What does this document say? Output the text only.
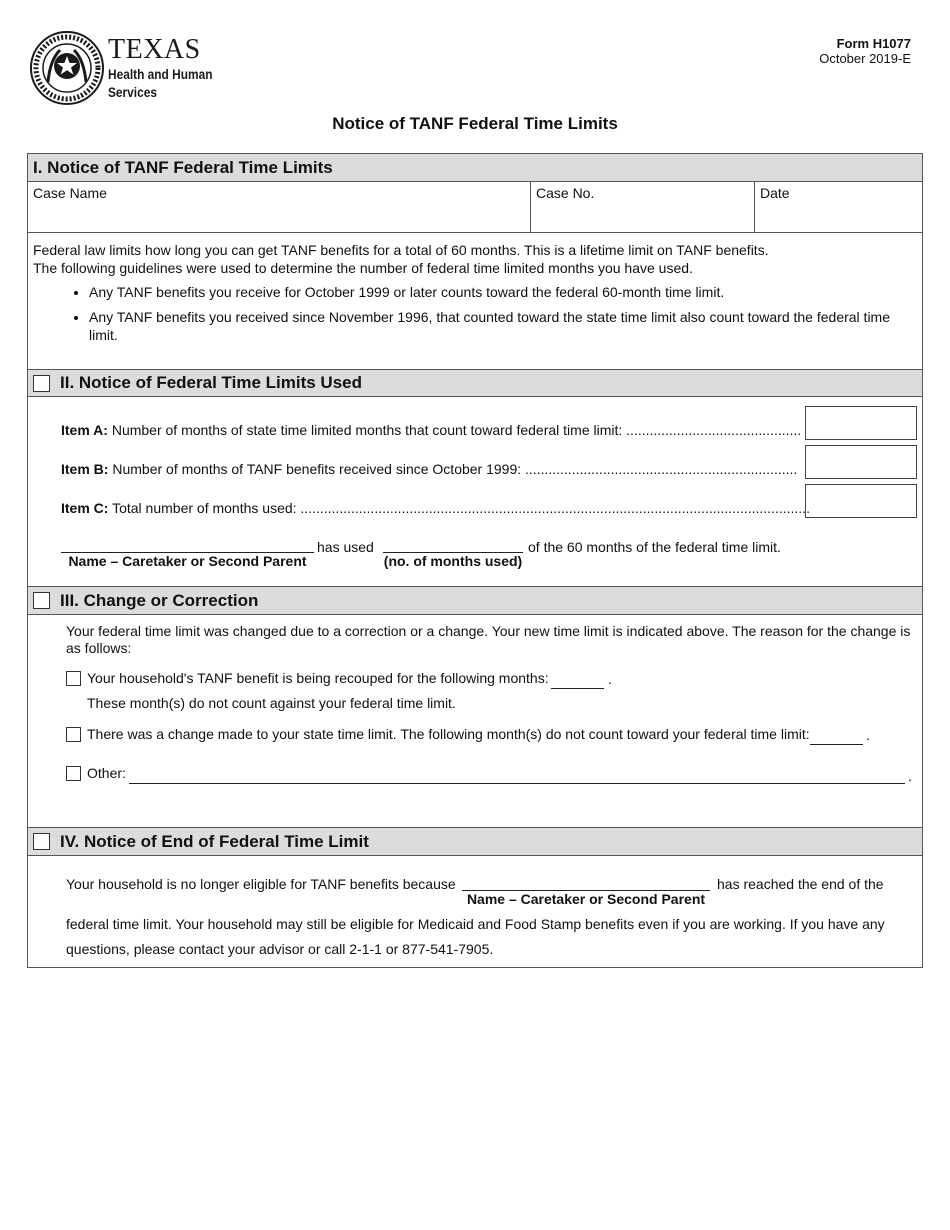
TEXAS
Health and Human
Services
Form H1077
October 2019-E
Notice of TANF Federal Time Limits
I. Notice of TANF Federal Time Limits
Case Name	Case No.	Date
Federal law limits how long you can get TANF benefits for a total of 60 months. This is a lifetime limit on TANF benefits.
The following guidelines were used to determine the number of federal time limited months you have used.
• Any TANF benefits you receive for October 1999 or later counts toward the federal 60-month time limit.
• Any TANF benefits you received since November 1996, that counted toward the state time limit also count toward the federal time limit.
II. Notice of Federal Time Limits Used
Item A: Number of months of state time limited months that count toward federal time limit: .............................................
Item B: Number of months of TANF benefits received since October 1999: ......................................................................
Item C: Total number of months used: ...................................................................................................................................
Name – Caretaker or Second Parent
has used
(no. of months used)
of the 60 months of the federal time limit.
III. Change or Correction
Your federal time limit was changed due to a correction or a change. Your new time limit is indicated above. The reason for the change is as follows:
Your household's TANF benefit is being recouped for the following months:	.
These month(s) do not count against your federal time limit.
There was a change made to your state time limit. The following month(s) do not count toward your federal time limit:	.
Other:	.
IV. Notice of End of Federal Time Limit
Your household is no longer eligible for TANF benefits because
Name – Caretaker or Second Parent
has reached the end of the
federal time limit. Your household may still be eligible for Medicaid and Food Stamp benefits even if you are working. If you have any
questions, please contact your advisor or call 2-1-1 or 877-541-7905.
